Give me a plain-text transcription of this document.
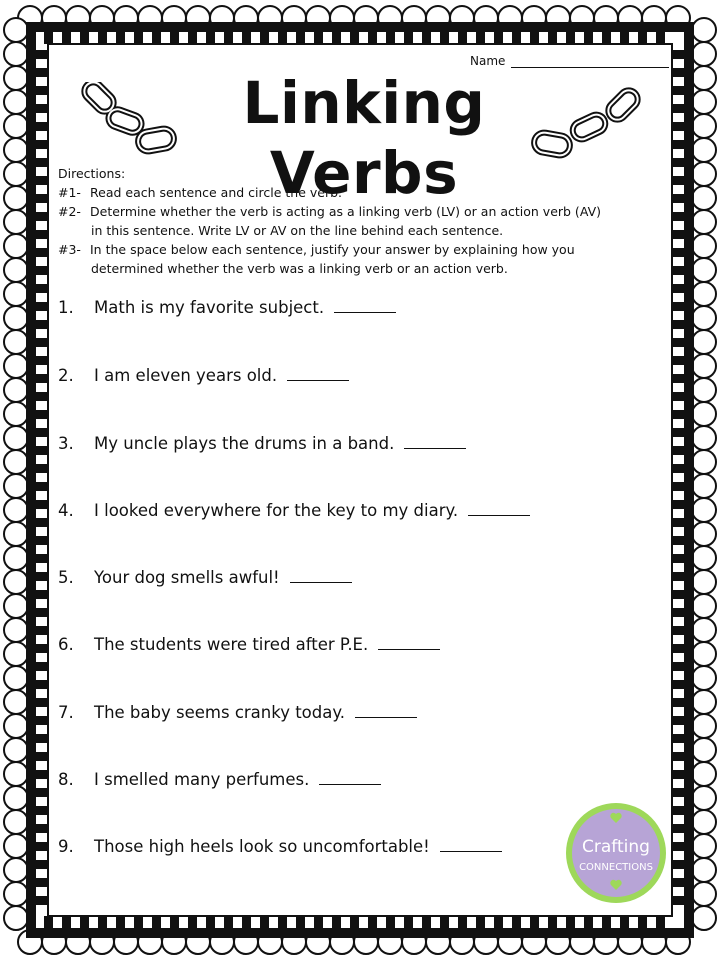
Name
Linking Verbs
Directions:
#1- Read each sentence and circle the verb.
#2- Determine whether the verb is acting as a linking verb (LV) or an action verb (AV)
in this sentence. Write LV or AV on the line behind each sentence.
#3- In the space below each sentence, justify your answer by explaining how you
determined whether the verb was a linking verb or an action verb.
1.	Math is my favorite subject.
2.	I am eleven years old.
3.	My uncle plays the drums in a band.
4.	I looked everywhere for the key to my diary.
5.	Your dog smells awful!
6.	The students were tired after P.E.
7.	The baby seems cranky today.
8.	I smelled many perfumes.
9.	Those high heels look so uncomfortable!	Crafting
CONNECTIONS
